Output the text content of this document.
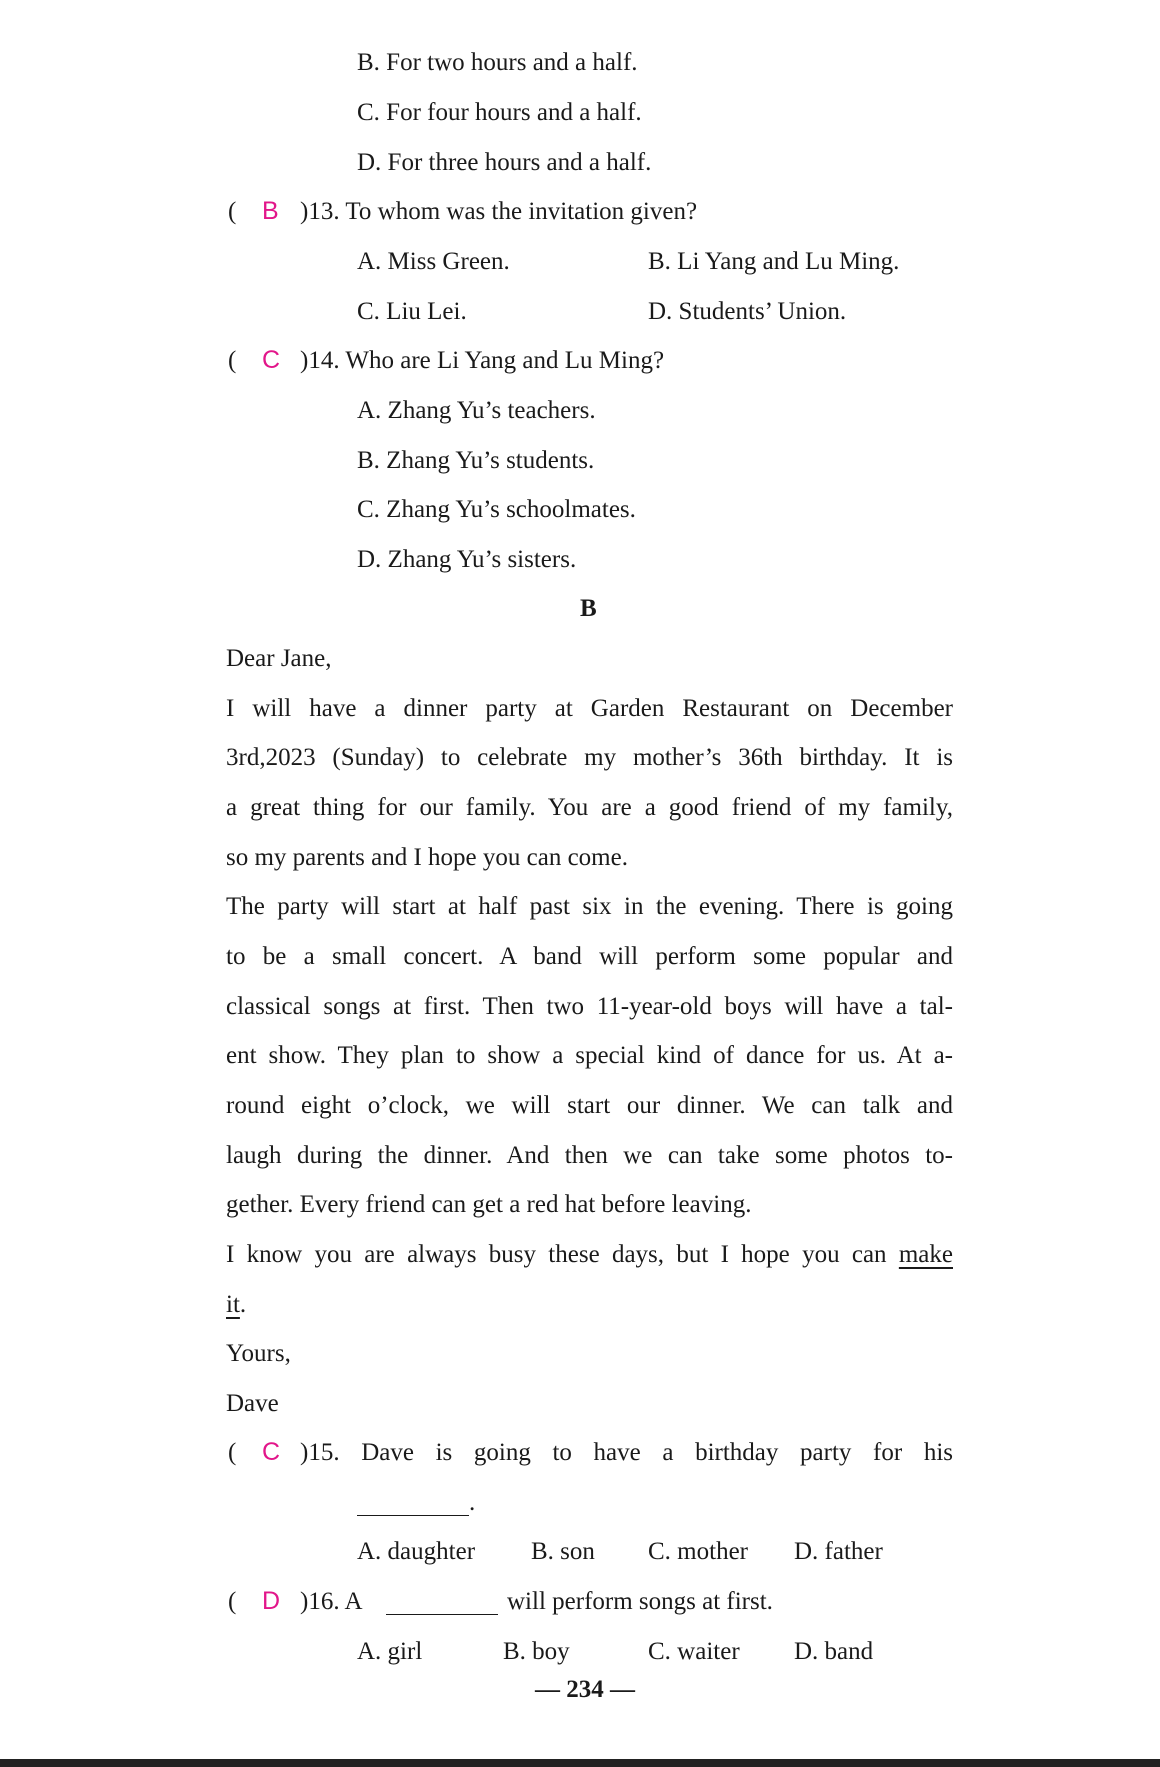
B. For two hours and a half.
C. For four hours and a half.
D. For three hours and a half.
( B )13. To whom was the invitation given?
A. Miss Green.	B. Li Yang and Lu Ming.
C. Liu Lei.	D. Students’ Union.
( C )14. Who are Li Yang and Lu Ming?
A. Zhang Yu’s teachers.
B. Zhang Yu’s students.
C. Zhang Yu’s schoolmates.
D. Zhang Yu’s sisters.
B
Dear Jane,
I will have a dinner party at Garden Restaurant on December
3rd,2023 (Sunday) to celebrate my mother’s 36th birthday. It is
a great thing for our family. You are a good friend of my family,
so my parents and I hope you can come.
The party will start at half past six in the evening. There is going
to be a small concert. A band will perform some popular and
classical songs at first. Then two 11-year-old boys will have a tal-
ent show. They plan to show a special kind of dance for us. At a-
round eight o’clock, we will start our dinner. We can talk and
laugh during the dinner. And then we can take some photos to-
gether. Every friend can get a red hat before leaving.
I know you are always busy these days, but I hope you can make
it.
Yours,
Dave
( C )15. Dave is going to have a birthday party for his
.
A. daughter B. son C. mother D. father
( D )16. A	will perform songs at first.
A. girl	B. boy	C. waiter D. band
— 234 —
